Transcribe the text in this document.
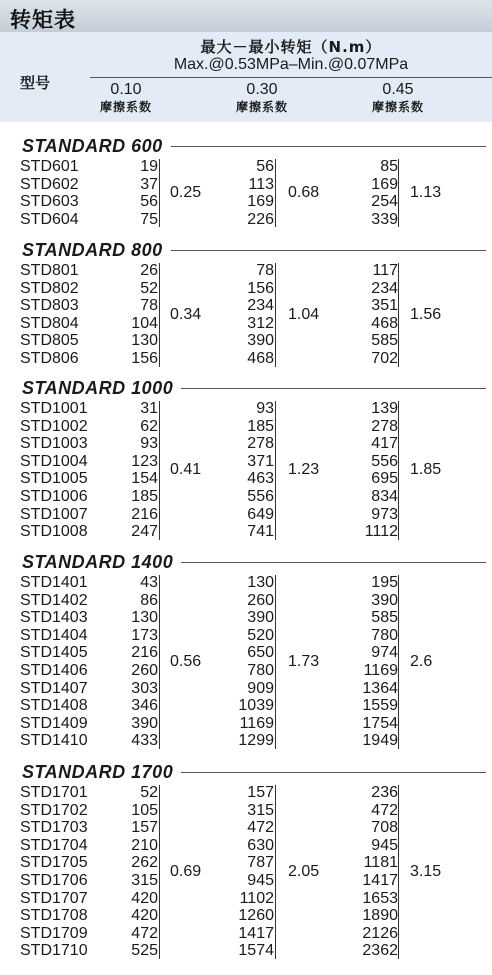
转矩表
型号
最大－最小转矩（N.m）
Max.@0.53MPa–Min.@0.07MPa
0.10
摩擦系数
0.30
摩擦系数
0.45
摩擦系数
STANDARD 600
STD601	19	56	85
STD602	37	113	169
STD603	56	169	254
STD604	75	226	339
0.25	0.68	1.13
STANDARD 800
STD801	26	78	117
STD802	52	156	234
STD803	78	234	351
STD804	104	312	468
STD805	130	390	585
STD806	156	468	702
0.34	1.04	1.56
STANDARD 1000
STD1001	31	93	139
STD1002	62	185	278
STD1003	93	278	417
STD1004	123	371	556
STD1005	154	463	695
STD1006	185	556	834
STD1007	216	649	973
STD1008	247	741	1112
0.41	1.23	1.85
STANDARD 1400
STD1401	43	130	195
STD1402	86	260	390
STD1403	130	390	585
STD1404	173	520	780
STD1405	216	650	974
STD1406	260	780	1169
STD1407	303	909	1364
STD1408	346	1039	1559
STD1409	390	1169	1754
STD1410	433	1299	1949
0.56	1.73	2.6
STANDARD 1700
STD1701	52	157	236
STD1702	105	315	472
STD1703	157	472	708
STD1704	210	630	945
STD1705	262	787	1181
STD1706	315	945	1417
STD1707	420	1102	1653
STD1708	420	1260	1890
STD1709	472	1417	2126
STD1710	525	1574	2362
0.69	2.05	3.15
